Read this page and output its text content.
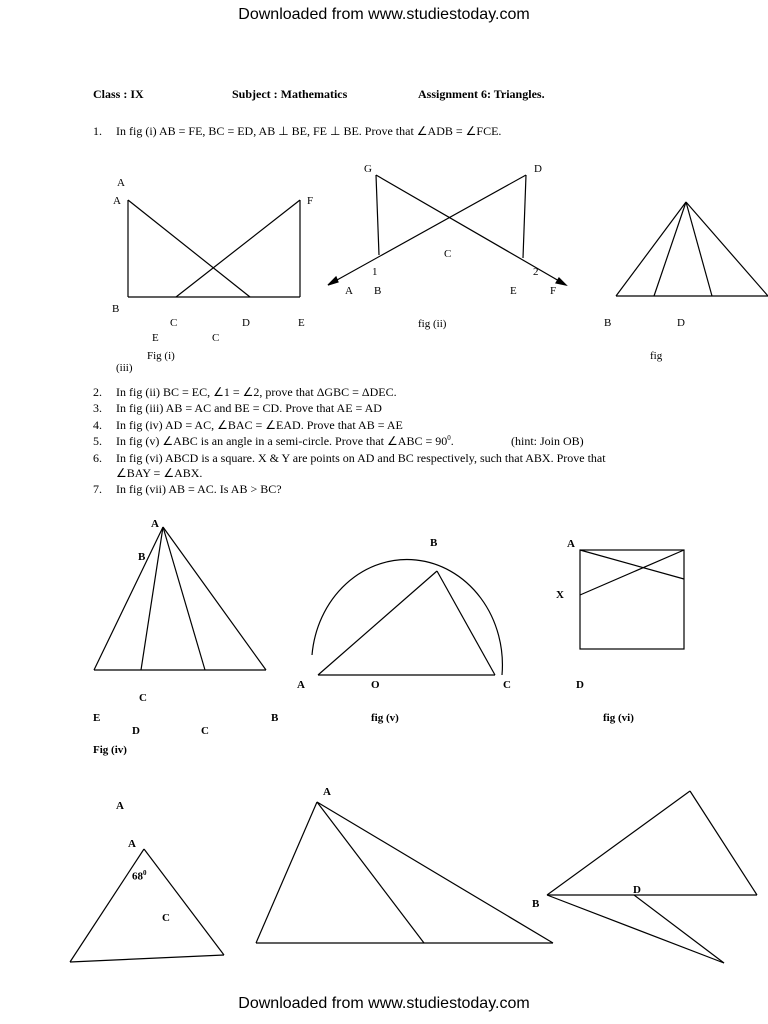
Downloaded from www.studiestoday.com
Downloaded from www.studiestoday.com
Class : IX	Subject : Mathematics	Assignment 6: Triangles.
1. In fig (i) AB = FE, BC = ED, AB ⊥ BE, FE ⊥ BE. Prove that ∠ADB = ∠FCE.
2. In fig (ii) BC = EC, ∠1 = ∠2, prove that ΔGBC = ΔDEC.
3. In fig (iii) AB = AC and BE = CD. Prove that AE = AD
4. In fig (iv) AD = AC, ∠BAC = ∠EAD. Prove that AB = AE
5. In fig (v) ∠ABC is an angle in a semi-circle. Prove that ∠ABC = $90^0$.	(hint: Join OB)
6. In fig (vi) ABCD is a square. X & Y are points on AD and BC respectively, such that ABX. Prove that
∠BAY = ∠ABX.
7. In fig (vii) AB = AC. Is AB > BC?
A
A	F
B
C	D	E
E	C
Fig (i)
(iii)
G	D
C
1	2
A B	E	F
fig (ii)	B	D
fig
A
B
C
E
D	C
Fig (iv)
B
A	O	C
B	fig (v)
A
X
D
fig (vi)
A
A
$68^0$
C
A
B
D
